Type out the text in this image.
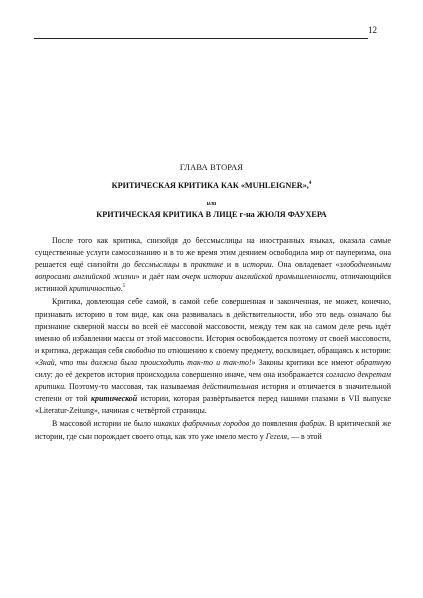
12
ГЛАВА ВТОРАЯ
КРИТИЧЕСКАЯ КРИТИКА КАК «MUHLEIGNER»,$^4$
или
КРИТИЧЕСКАЯ КРИТИКА В ЛИЦЕ г-на ЖЮЛЯ ФАУХЕРА

После того как критика, снизойдя до бессмыслицы на иностранных языках, оказала самые существенные услуги самосознанию и в то же время этим деянием освободила мир от пауперизма, она решается ещё снизойти до бессмыслицы в практике и в истории. Она овладевает «злободневными вопросами английской жизни» и даёт нам очерк истории английской промышленности, отличающийся истинной критичностью.$^5$

Критика, довлеющая себе самой, в самой себе совершенная и законченная, не может, конечно, признавать историю в том виде, как она развивалась в действительности, ибо это ведь означало бы признание скверной массы во всей её массовой массовости, между тем как на самом деле речь идёт именно об избавлении массы от этой массовости. История освобождается поэтому от своей массовости, и критика, держащая себя свободно по отношению к своему предмету, восклицает, обращаясь к истории: «Знай, что ты должна была происходить так-то и так-то!» Законы критики все имеют обратную силу: до её декретов история происходила совершенно иначе, чем она изображается согласно декретам критики. Поэтому-то массовая, так называемая действительная история и отличается в значительной степени от той критической истории, которая развёртывается перед нашими глазами в VII выпуске «Literatur-Zeitung», начиная с четвёртой страницы.

В массовой истории не было никаких фабричных городов до появления фабрик. В критической же истории, где сын порождает своего отца, как это уже имело место у Гегеля, — в этой
